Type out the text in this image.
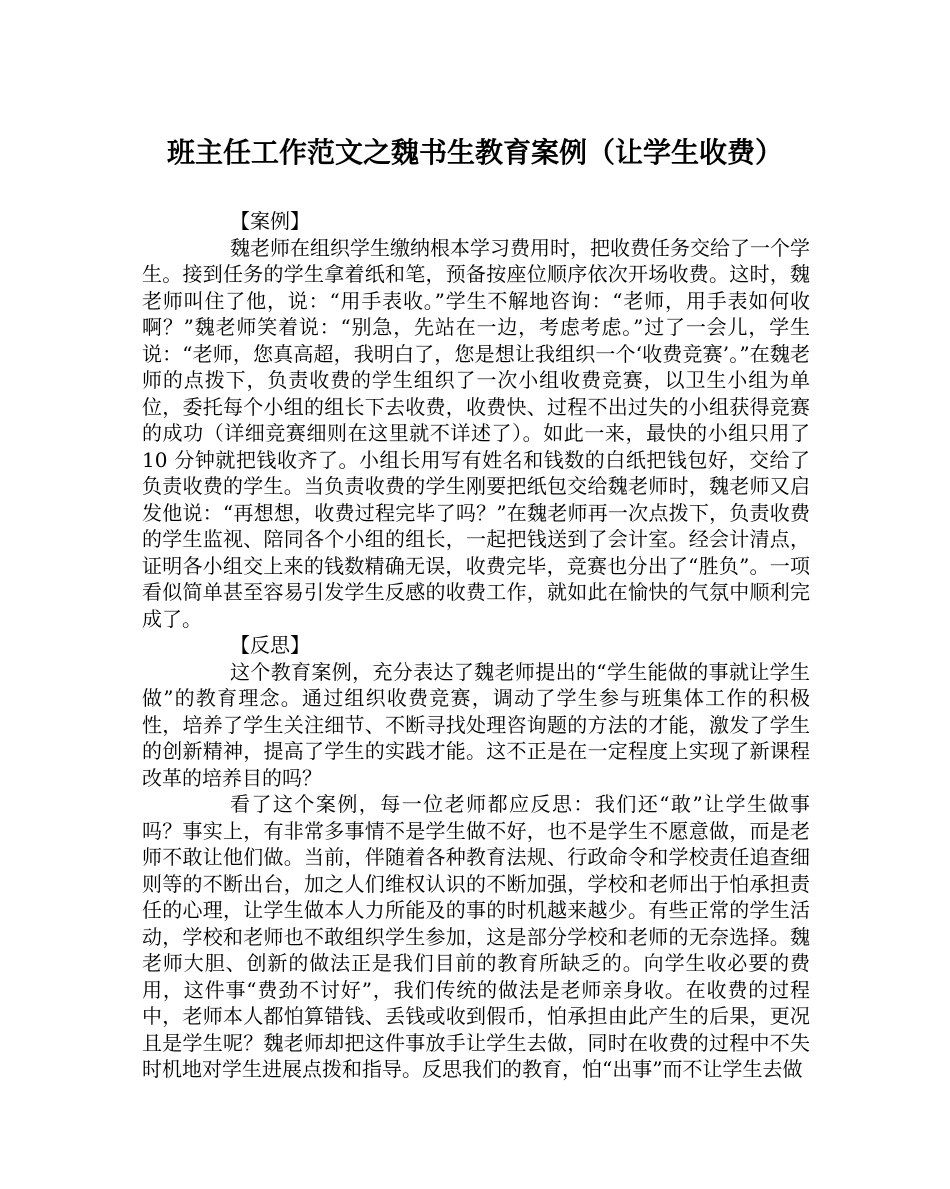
班主任工作范文之魏书生教育案例（让学生收费）
【案例】

魏老师在组织学生缴纳根本学习费用时，把收费任务交给了一个学生。接到任务的学生拿着纸和笔，预备按座位顺序依次开场收费。这时，魏老师叫住了他，说：“用手表收。”学生不解地咨询：“老师，用手表如何收啊？”魏老师笑着说：“别急，先站在一边，考虑考虑。”过了一会儿，学生说：“老师，您真高超，我明白了，您是想让我组织一个‘收费竞赛’。”在魏老师的点拨下，负责收费的学生组织了一次小组收费竞赛，以卫生小组为单位，委托每个小组的组长下去收费，收费快、过程不出过失的小组获得竞赛的成功（详细竞赛细则在这里就不详述了）。如此一来，最快的小组只用了 10 分钟就把钱收齐了。小组长用写有姓名和钱数的白纸把钱包好，交给了负责收费的学生。当负责收费的学生刚要把纸包交给魏老师时，魏老师又启发他说：“再想想，收费过程完毕了吗？”在魏老师再一次点拨下，负责收费的学生监视、陪同各个小组的组长，一起把钱送到了会计室。经会计清点，证明各小组交上来的钱数精确无误，收费完毕，竞赛也分出了“胜负”。一项看似简单甚至容易引发学生反感的收费工作，就如此在愉快的气氛中顺利完成了。

【反思】

这个教育案例，充分表达了魏老师提出的“学生能做的事就让学生做”的教育理念。通过组织收费竞赛，调动了学生参与班集体工作的积极性，培养了学生关注细节、不断寻找处理咨询题的方法的才能，激发了学生的创新精神，提高了学生的实践才能。这不正是在一定程度上实现了新课程改革的培养目的吗？

看了这个案例，每一位老师都应反思：我们还“敢”让学生做事吗？事实上，有非常多事情不是学生做不好，也不是学生不愿意做，而是老师不敢让他们做。当前，伴随着各种教育法规、行政命令和学校责任追查细则等的不断出台，加之人们维权认识的不断加强，学校和老师出于怕承担责任的心理，让学生做本人力所能及的事的时机越来越少。有些正常的学生活动，学校和老师也不敢组织学生参加，这是部分学校和老师的无奈选择。魏老师大胆、创新的做法正是我们目前的教育所缺乏的。向学生收必要的费用，这件事“费劲不讨好”，我们传统的做法是老师亲身收。在收费的过程中，老师本人都怕算错钱、丢钱或收到假币，怕承担由此产生的后果，更况且是学生呢？魏老师却把这件事放手让学生去做，同时在收费的过程中不失时机地对学生进展点拨和指导。反思我们的教育，怕“出事”而不让学生去做
